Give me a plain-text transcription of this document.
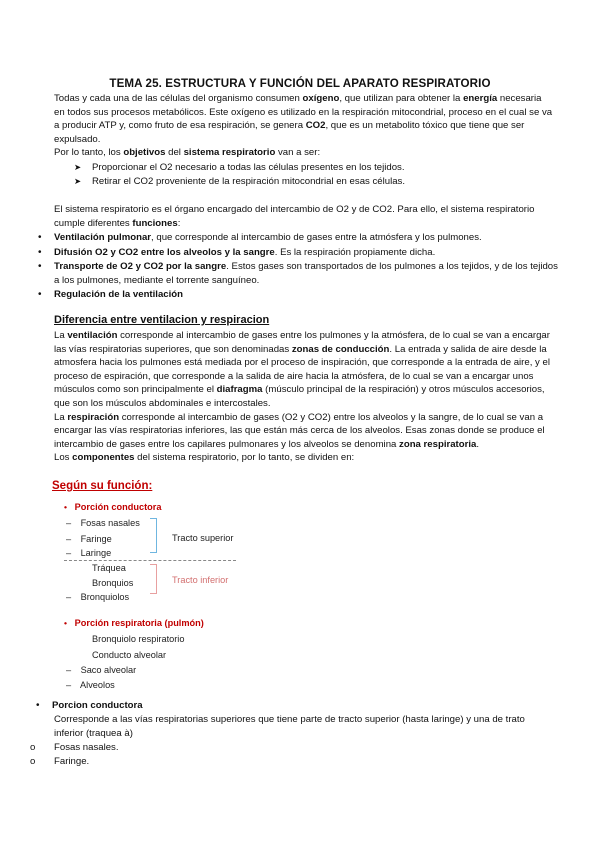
TEMA 25. ESTRUCTURA Y FUNCIÓN DEL APARATO RESPIRATORIO

Todas y cada una de las células del organismo consumen oxígeno, que utilizan para obtener la energía necesaria en todos sus procesos metabólicos. Este oxígeno es utilizado en la respiración mitocondrial, proceso en el cual se va a producir ATP y, como fruto de esa respiración, se genera CO2, que es un metabolito tóxico que tiene que ser expulsado.

Por lo tanto, los objetivos del sistema respiratorio van a ser:

➤ Proporcionar el O2 necesario a todas las células presentes en los tejidos.
➤ Retirar el CO2 proveniente de la respiración mitocondrial en esas células.

El sistema respiratorio es el órgano encargado del intercambio de O2 y de CO2. Para ello, el sistema respiratorio cumple diferentes funciones:

• Ventilación pulmonar, que corresponde al intercambio de gases entre la atmósfera y los pulmones.
• Difusión O2 y CO2 entre los alveolos y la sangre. Es la respiración propiamente dicha.
• Transporte de O2 y CO2 por la sangre. Estos gases son transportados de los pulmones a los tejidos, y de los tejidos a los pulmones, mediante el torrente sanguíneo.
• Regulación de la ventilación
Diferencia entre ventilacion y respiracion

La ventilación corresponde al intercambio de gases entre los pulmones y la atmósfera, de lo cual se van a encargar las vías respiratorias superiores, que son denominadas zonas de conducción. La entrada y salida de aire desde la atmosfera hacia los pulmones está mediada por el proceso de inspiración, que corresponde a la entrada de aire, y el proceso de espiración, que corresponde a la salida de aire hacia la atmósfera, de lo cual se van a encargar unos músculos como son principalmente el diafragma (músculo principal de la respiración) y otros músculos accesorios, que son los músculos abdominales e intercostales.

La respiración corresponde al intercambio de gases (O2 y CO2) entre los alveolos y la sangre, de lo cual se van a encargar las vías respiratorias inferiores, las que están más cerca de los alveolos. Esas zonas donde se produce el intercambio de gases entre los capilares pulmonares y los alveolos se denomina zona respiratoria.

Los componentes del sistema respiratorio, por lo tanto, se dividen en:

Según su función:
• Porción conductora
– Fosas nasales
– Faringe
– Laringe
Tracto superior
Tráquea
Bronquios
– Bronquiolos
Tracto inferior
• Porción respiratoria (pulmón)
Bronquiolo respiratorio
Conducto alveolar
– Saco alveolar
– Alveolos
• Porcion conductora
Corresponde a las vías respiratorias superiores que tiene parte de tracto superior (hasta laringe) y una de trato inferior (traquea à)
o Fosas nasales.
o Faringe.
